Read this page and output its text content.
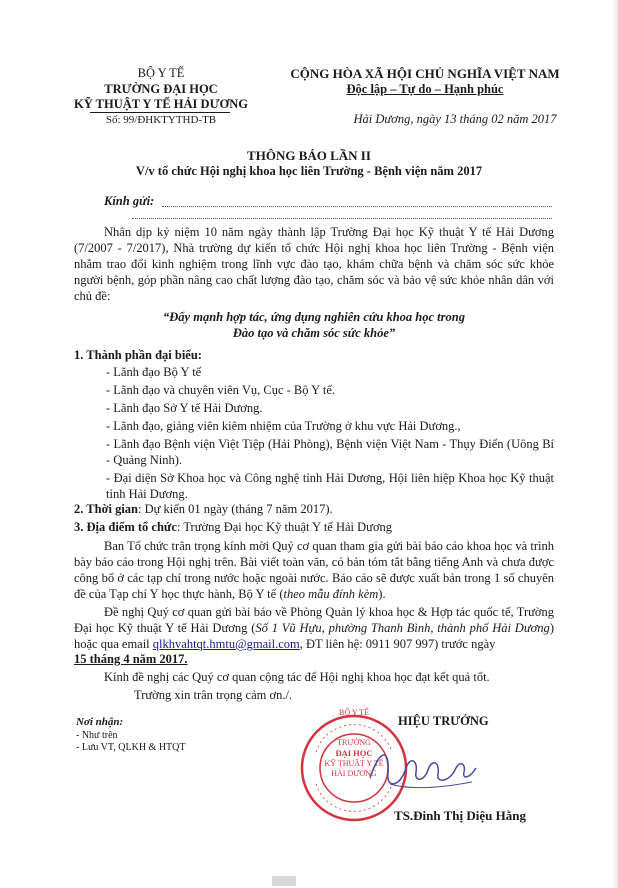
BỘ Y TẾ
TRƯỜNG ĐẠI HỌC
KỸ THUẬT Y TẾ HẢI DƯƠNG
Số: 99/ĐHKTYTHD-TB
CỘNG HÒA XÃ HỘI CHỦ NGHĨA VIỆT NAM
Độc lập – Tự do – Hạnh phúc
Hải Dương, ngày 13 tháng 02 năm 2017
THÔNG BÁO LẦN II
V/v tổ chức Hội nghị khoa học liên Trường - Bệnh viện năm 2017
Kính gửi:
Nhân dịp kỷ niệm 10 năm ngày thành lập Trường Đại học Kỹ thuật Y tế Hải Dương (7/2007 - 7/2017), Nhà trường dự kiến tổ chức Hội nghị khoa học liên Trường - Bệnh viện nhằm trao đổi kinh nghiệm trong lĩnh vực đào tạo, khám chữa bệnh và chăm sóc sức khỏe người bệnh, góp phần nâng cao chất lượng đào tạo, chăm sóc và bảo vệ sức khỏe nhân dân với chủ đề:
“Đẩy mạnh hợp tác, ứng dụng nghiên cứu khoa học trong
Đào tạo và chăm sóc sức khỏe”
1. Thành phần đại biểu:
- Lãnh đạo Bộ Y tế
- Lãnh đạo và chuyên viên Vụ, Cục - Bộ Y tế.
- Lãnh đạo Sở Y tế Hải Dương.
- Lãnh đạo, giảng viên kiêm nhiệm của Trường ở khu vực Hải Dương.,
- Lãnh đạo Bệnh viện Việt Tiệp (Hải Phòng), Bệnh viện Việt Nam - Thụy Điển (Uông Bí - Quảng Ninh).
- Đại diện Sở Khoa học và Công nghệ tỉnh Hải Dương, Hội liên hiệp Khoa học Kỹ thuật tỉnh Hải Dương.
2. Thời gian: Dự kiến 01 ngày (tháng 7 năm 2017).
3. Địa điểm tổ chức: Trường Đại học Kỹ thuật Y tế Hải Dương
Ban Tổ chức trân trọng kính mời Quý cơ quan tham gia gửi bài báo cáo khoa học và trình bày báo cáo trong Hội nghị trên. Bài viết toàn văn, có bản tóm tắt bằng tiếng Anh và chưa được công bố ở các tạp chí trong nước hoặc ngoài nước. Báo cáo sẽ được xuất bản trong 1 số chuyên đề của Tạp chí Y học thực hành, Bộ Y tế (theo mẫu đính kèm).
Đề nghị Quý cơ quan gửi bài báo về Phòng Quản lý khoa học & Hợp tác quốc tế, Trường Đại học Kỹ thuật Y tế Hải Dương (Số 1 Vũ Hựu, phường Thanh Bình, thành phố Hải Dương) hoặc qua email qlkhvahtqt.hmtu@gmail.com, ĐT liên hệ: 0911 907 997) trước ngày
15 tháng 4 năm 2017.
Kính đề nghị các Quý cơ quan cộng tác để Hội nghị khoa học đạt kết quả tốt.
Trường xin trân trọng cảm ơn./.
Nơi nhận:
- Như trên
- Lưu VT, QLKH & HTQT
HIỆU TRƯỞNG
BỘ Y TẾ
TRƯỜNG
ĐẠI HỌC
KỸ THUẬT Y TẾ
HẢI DƯƠNG
TS.Đinh Thị Diệu Hằng
